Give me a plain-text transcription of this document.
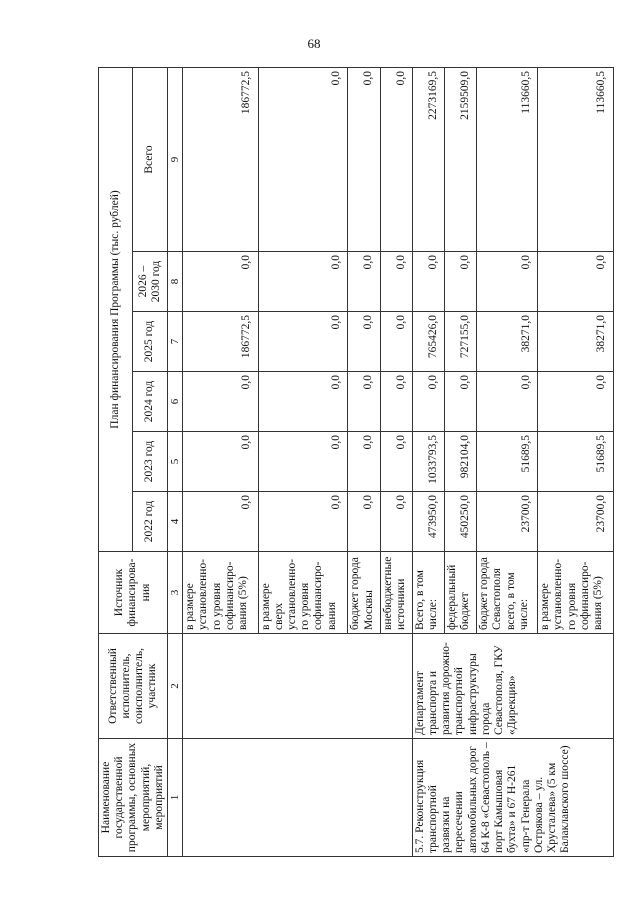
68
Наименование государственной программы, основных мероприятий, мероприятий	Ответственный исполнитель, соисполнитель, участник	Источник финансирова-ния	План финансирования Программы (тыс. рублей)					
			2022 год	2023 год	2024 год	2025 год	2026 – 2030 год	Всего
1	2	3	4	5	6	7	8	9
		в размере установленно-го уровня софинансиро-вания (5%)	0,0	0,0	0,0	186772,5	0,0	186772,5
		в размере сверх установленно-го уровня софинансиро-вания	0,0	0,0	0,0	0,0	0,0	0,0
		бюджет города Москвы	0,0	0,0	0,0	0,0	0,0	0,0
		внебюджетные источники	0,0	0,0	0,0	0,0	0,0	0,0
5.7. Реконструкция транспортной развязки на пересечении автомобильных дорог 64 К-8 «Севастополь – порт Камышовая бухта» и 67 Н-261 «пр-т Генерала Острякова – ул. Хрусталева» (5 км Балаклавского шоссе)	Департамент транспорта и развития дорожно-транспортной инфраструктуры города Севастополя, ГКУ «Дирекция»	Всего, в том числе:	473950,0	1033793,5	0,0	765426,0	0,0	2273169,5
		федеральный бюджет	450250,0	982104,0	0,0	727155,0	0,0	2159509,0
		бюджет города Севастополя всего, в том числе:	23700,0	51689,5	0,0	38271,0	0,0	113660,5
		в размере установленно-го уровня софинансиро-вания (5%)	23700,0	51689,5	0,0	38271,0	0,0	113660,5
